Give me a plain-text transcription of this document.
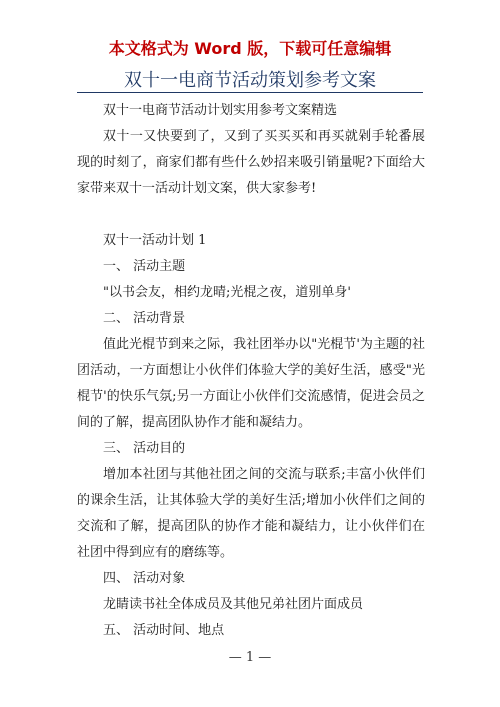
本文格式为 Word 版，下载可任意编辑
双十一电商节活动策划参考文案

双十一电商节活动计划实用参考文案精选

双十一又快要到了，又到了买买买和再买就剁手轮番展现的时刻了，商家们都有些什么妙招来吸引销量呢?下面给大家带来双十一活动计划文案，供大家参考!

双十一活动计划 1

一、 活动主题

"以书会友，相约龙晴;光棍之夜，道别单身'

二、 活动背景

值此光棍节到来之际，我社团举办以"光棍节'为主题的社团活动，一方面想让小伙伴们体验大学的美好生活，感受"光棍节'的快乐气氛;另一方面让小伙伴们交流感情，促进会员之间的了解，提高团队协作才能和凝结力。

三、 活动目的

增加本社团与其他社团之间的交流与联系;丰富小伙伴们的课余生活，让其体验大学的美好生活;增加小伙伴们之间的交流和了解，提高团队的协作才能和凝结力，让小伙伴们在社团中得到应有的磨练等。

四、 活动对象

龙睛读书社全体成员及其他兄弟社团片面成员

五、 活动时间、地点

— 1 —
